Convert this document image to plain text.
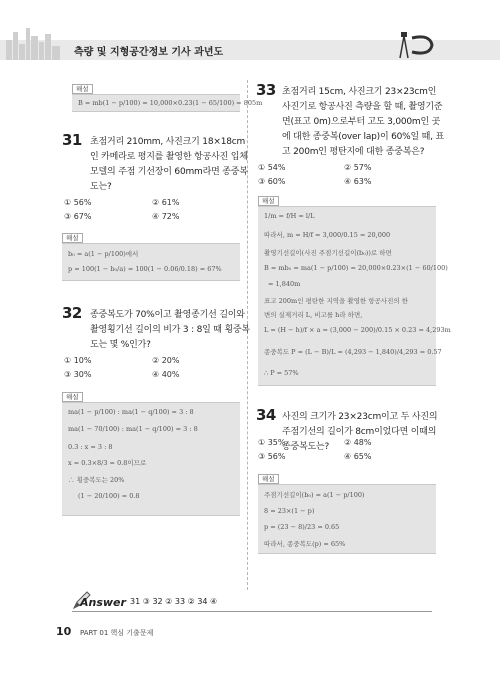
측량 및 지형공간정보 기사 과년도
해설
B = mb(1 − p/100) = 10,000×0.23(1 − 65/100) = 805m
31 초점거리 210mm, 사진크기 18×18cm
인 카메라로 평지를 촬영한 항공사진 입체
모델의 주점 기선장이 60mm라면 종중복
도는?
① 56%	② 61%
③ 67%	④ 72%
해설
b₀ = a(1 − p/100)에서
p = 100(1 − b₀/a) = 100(1 − 0.06/0.18) = 67%
32 종중복도가 70%이고 촬영종기선 길이와
촬영횡기선 길이의 비가 3 : 8일 때 횡중복
도는 몇 %인가?
① 10%	② 20%
③ 30%	④ 40%
해설
ma(1 − p/100) : ma(1 − q/100) = 3 : 8
ma(1 − 70/100) : ma(1 − q/100) = 3 : 8
0.3 : x = 3 : 8
x = 0.3×8/3 = 0.8이므로
∴ 횡중복도는 20%
(1 − 20/100) = 0.8
33 초점거리 15cm, 사진크기 23×23cm인
사진기로 항공사진 측량을 할 때, 촬영기준
면(표고 0m)으로부터 고도 3,000m인 곳
에 대한 종중복(over lap)이 60%일 때, 표
고 200m인 평탄지에 대한 종중복은?
① 54%	② 57%
③ 60%	④ 63%
해설
1/m = f/H = l/L
따라서, m = H/f = 3,000/0.15 = 20,000
촬영기선길이(사진 주점기선길이(b₀))로 하면
B = mb₀ = ma(1 − p/100) = 20,000×0.23×(1 − 60/100)
= 1,840m
표고 200m인 평탄한 지역을 촬영한 항공사진의 한
변의 실제거리 L, 비고를 h라 하면,
L = (H − h)/f × a = (3,000 − 200)/0.15 × 0.23 = 4,293m
종중복도 P = (L − B)/L = (4,293 − 1,840)/4,293 = 0.57
∴ P = 57%
34 사진의 크기가 23×23cm이고 두 사진의
주점기선의 길이가 8cm이었다면 이때의
종중복도는?
① 35%	② 48%
③ 56%	④ 65%
해설
주점기선길이(b₀) = a(1 − p/100)
8 = 23×(1 − p)
p = (23 − 8)/23 = 0.65
따라서, 종중복도(p) = 65%
Answer 31 ③ 32 ② 33 ② 34 ④
10 PART 01 핵심 기출문제
